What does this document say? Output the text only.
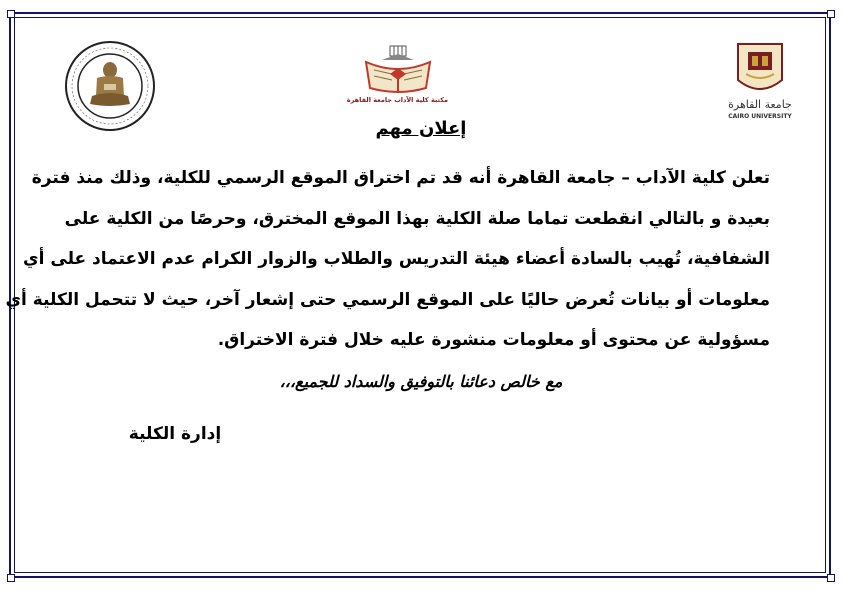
مكتبة كلية الآداب جامعة القاهرة	جامعة القاهرة
CAIRO UNIVERSITY
إعلان مهم
تعلن كلية الآداب – جامعة القاهرة أنه قد تم اختراق الموقع الرسمي للكلية، وذلك منذ فترة
بعيدة و بالتالي انقطعت تماما صلة الكلية بهذا الموقع المخترق، وحرصًا من الكلية على
الشفافية، تُهيب بالسادة أعضاء هيئة التدريس والطلاب والزوار الكرام عدم الاعتماد على أي
معلومات أو بيانات تُعرض حاليًا على الموقع الرسمي حتى إشعار آخر، حيث لا تتحمل الكلية أي
مسؤولية عن محتوى أو معلومات منشورة عليه خلال فترة الاختراق.
مع خالص دعائنا بالتوفيق والسداد للجميع،،،
إدارة الكلية
